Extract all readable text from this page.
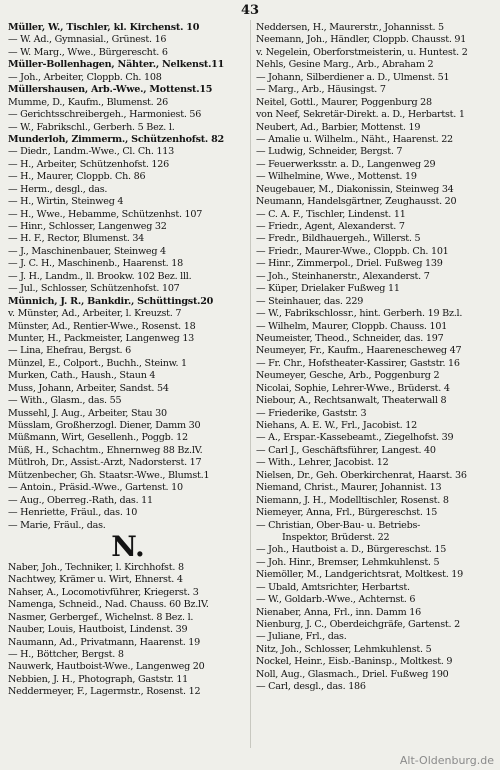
43
Müller, W., Tischler, kl. Kirchenst. 10
— W. Ad., Gymnasial., Grünest. 16
— W. Marg., Wwe., Bürgerescht. 6
Müller-Bollenhagen, Nähter., Nelkenst.11
— Joh., Arbeiter, Cloppb. Ch. 108
Müllershausen, Arb.-Wwe., Mottenst.15
Mumme, D., Kaufm., Blumenst. 26
— Gerichtsschreibergeh., Harmoniest. 56
— W., Fabrikschl., Gerberh. 5 Bez. l.
Munderloh, Zimmerm., Schützenhofst. 82
— Diedr., Landm.-Wwe., Cl. Ch. 113
— H., Arbeiter, Schützenhofst. 126
— H., Maurer, Cloppb. Ch. 86
— Herm., desgl., das.
— H., Wirtin, Steinweg 4
— H., Wwe., Hebamme, Schützenhst. 107
— Hinr., Schlosser, Langenweg 32
— H. F., Rector, Blumenst. 34
— J., Maschinenbauer, Steinweg 4
— J. C. H., Maschinenb., Haarenst. 18
— J. H., Landm., ll. Brookw. 102 Bez. lll.
— Jul., Schlosser, Schützenhofst. 107
Münnich, J. R., Bankdir., Schüttingst.20
v. Münster, Ad., Arbeiter, l. Kreuzst. 7
Münster, Ad., Rentier-Wwe., Rosenst. 18
Munter, H., Packmeister, Langenweg 13
— Lina, Ehefrau, Bergst. 6
Münzel, E., Colport., Buchh., Steinw. 1
Murken, Cath., Haush., Staun 4
Muss, Johann, Arbeiter, Sandst. 54
— With., Glasm., das. 55
Mussehl, J. Aug., Arbeiter, Stau 30
Müsslam, Großherzogl. Diener, Damm 30
Müßmann, Wirt, Gesellenh., Poggb. 12
Müß, H., Schachtm., Ehnernweg 88 Bz.lV.
Mütlroh, Dr., Assist.-Arzt, Nadorsterst. 17
Mützenbecher, Gh. Staatsr.-Wwe., Blumst.1
— Antoin., Präsid.-Wwe., Gartenst. 10
— Aug., Oberreg.-Rath, das. 11
— Henriette, Fräul., das. 10
— Marie, Fräul., das.
N.
Naber, Joh., Techniker, l. Kirchhofst. 8
Nachtwey, Krämer u. Wirt, Ehnerst. 4
Nahser, A., Locomotivführer, Kriegerst. 3
Namenga, Schneid., Nad. Chauss. 60 Bz.lV.
Nasmer, Gerbergef., Wichelnst. 8 Bez. l.
Nauber, Louis, Hautboist, Lindenst. 39
Naumann, Ad., Privatmann, Haarenst. 19
— H., Böttcher, Bergst. 8
Nauwerk, Hautboist-Wwe., Langenweg 20
Nebbien, J. H., Photograph, Gaststr. 11
Neddermeyer, F., Lagermstr., Rosenst. 12
Neddersen, H., Maurerstr., Johannisst. 5
Neemann, Joh., Händler, Cloppb. Chausst. 91
v. Negelein, Oberforstmeisterin, u. Huntest. 2
Nehls, Gesine Marg., Arb., Abraham 2
— Johann, Silberdiener a. D., Ulmenst. 51
— Marg., Arb., Häusingst. 7
Neitel, Gottl., Maurer, Poggenburg 28
von Neef, Sekretär-Direkt. a. D., Herbartst. 1
Neubert, Ad., Barbier, Mottenst. 19
— Amalie u. Wilhelm., Näht., Haarenst. 22
— Ludwig, Schneider, Bergst. 7
— Feuerwerksstr. a. D., Langenweg 29
— Wilhelmine, Wwe., Mottenst. 19
Neugebauer, M., Diakonissin, Steinweg 34
Neumann, Handelsgärtner, Zeughausst. 20
— C. A. F., Tischler, Lindenst. 11
— Friedr., Agent, Alexanderst. 7
— Fredr., Bildhauergeh., Willerst. 5
— Friedr., Maurer-Wwe., Cloppb. Ch. 101
— Hinr., Zimmerpol., Driel. Fußweg 139
— Joh., Steinhanerstr., Alexanderst. 7
— Küper, Drielaker Fußweg 11
— Steinhauer, das. 229
— W., Fabrikschlossr., hint. Gerberh. 19 Bz.l.
— Wilhelm, Maurer, Cloppb. Chauss. 101
Neumeister, Theod., Schneider, das. 197
Neumeyer, Fr., Kaufm., Haarenescheweg 47
— Fr. Chr., Hofstheater-Kassirer, Gaststr. 16
Neumeyer, Gesche, Arb., Poggenburg 2
Nicolai, Sophie, Lehrer-Wwe., Brüderst. 4
Niebour, A., Rechtsanwalt, Theaterwall 8
— Friederike, Gaststr. 3
Niehans, A. E. W., Frl., Jacobist. 12
— A., Erspar.-Kassebeamt., Ziegelhofst. 39
— Carl J., Geschäftsführer, Langest. 40
— With., Lehrer, Jacobist. 12
Nielsen, Dr., Geh. Oberkirchenrat, Haarst. 36
Niemand, Christ., Maurer, Johannist. 13
Niemann, J. H., Modelltischler, Rosenst. 8
Niemeyer, Anna, Frl., Bürgereschst. 15
— Christian, Ober-Bau- u. Betriebs-
Inspektor, Brüderst. 22
— Joh., Hautboist a. D., Bürgereschst. 15
— Joh. Hinr., Bremser, Lehmkuhlenst. 5
Niemöller, M., Landgerichtsrat, Moltkest. 19
— Ubald, Amtsrichter, Herbartst.
— W., Goldarb.-Wwe., Achternst. 6
Nienaber, Anna, Frl., inn. Damm 16
Nienburg, J. C., Oberdeichgräfe, Gartenst. 2
— Juliane, Frl., das.
Nitz, Joh., Schlosser, Lehmkuhlenst. 5
Nockel, Heinr., Eisb.-Baninsp., Moltkest. 9
Noll, Aug., Glasmach., Driel. Fußweg 190
— Carl, desgl., das. 186
Alt-Oldenburg.de
